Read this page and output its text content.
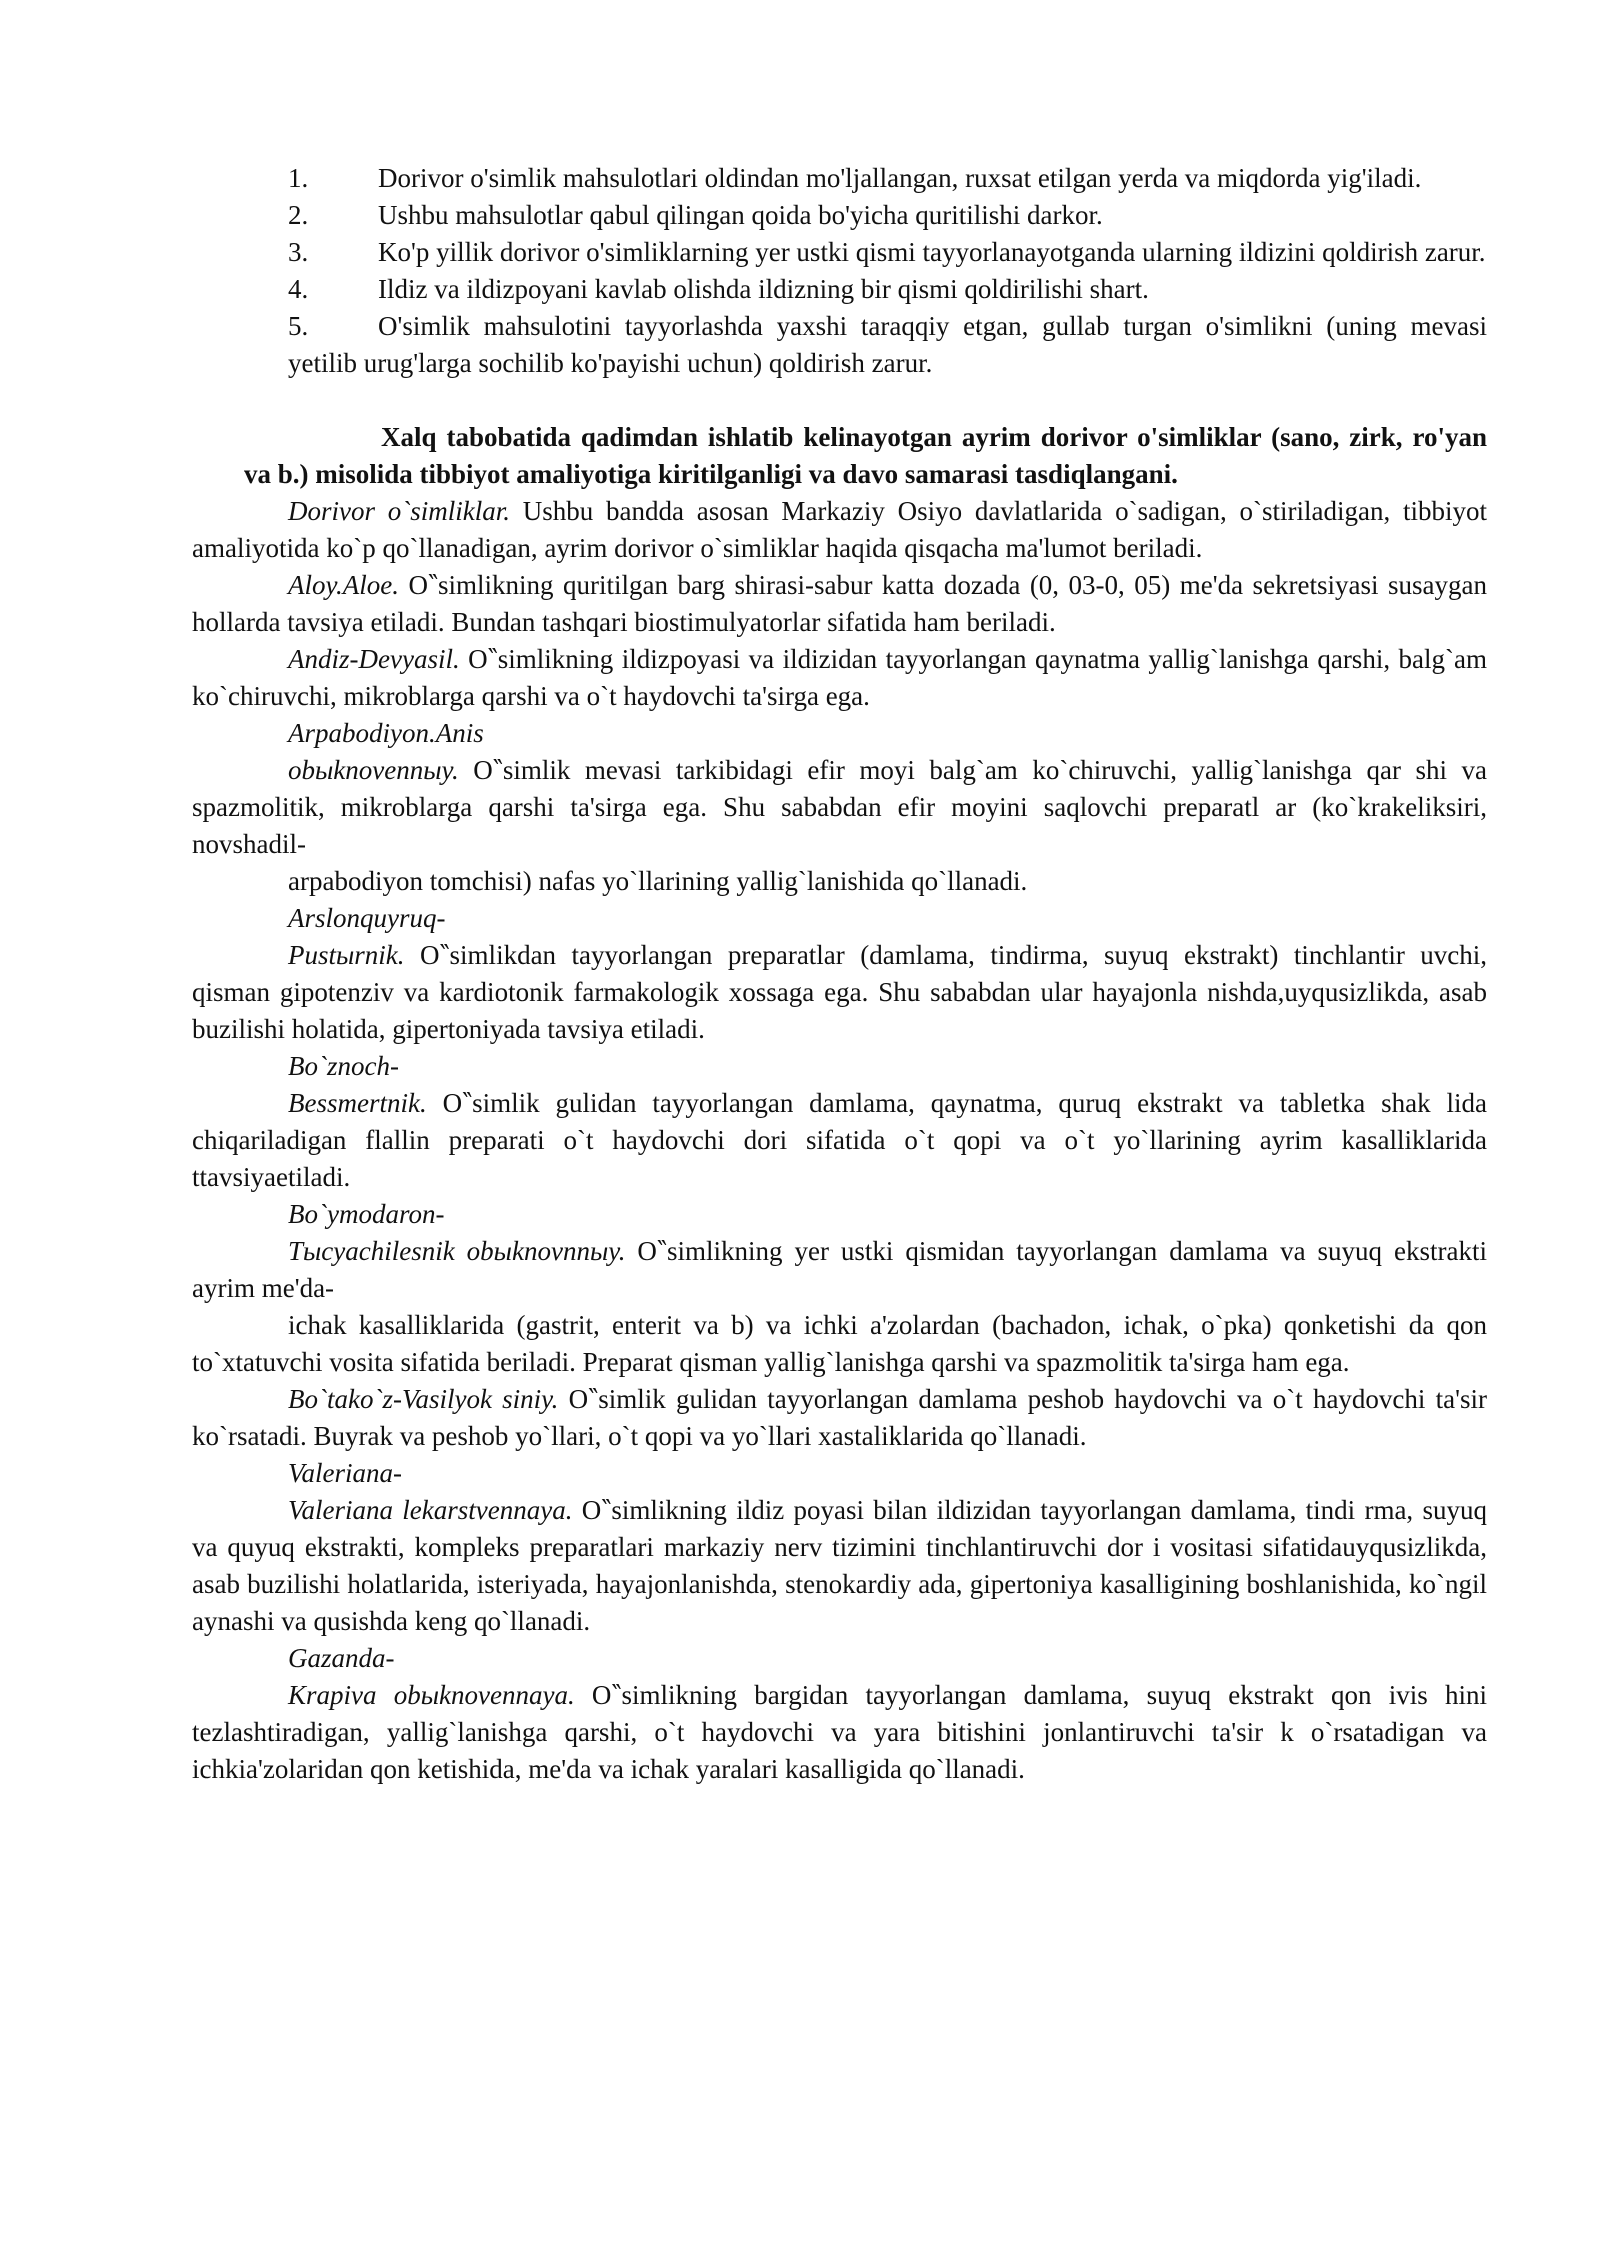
1.	Dorivor o'simlik mahsulotlari oldindan mo'ljallangan, ruxsat etilgan yerda va miqdorda yig'iladi.

2.	Ushbu mahsulotlar qabul qilingan qoida bo'yicha quritilishi darkor.

3.	Ko'p yillik dorivor o'simliklarning yer ustki qismi tayyorlanayotganda ularning ildizini qoldirish zarur.

4.	Ildiz va ildizpoyani kavlab olishda ildizning bir qismi qoldirilishi shart.

5.	O'simlik mahsulotini tayyorlashda yaxshi taraqqiy etgan, gullab turgan o'simlikni (uning mevasi yetilib urug'larga sochilib ko'payishi uchun) qoldirish zarur.

Xalq tabobatida qadimdan ishlatib kelinayotgan ayrim dorivor o'simliklar (sano, zirk, ro'yan va b.) misolida tibbiyot amaliyotiga kiritilganligi va davo samarasi tasdiqlangani.

Dorivor o`simliklar. Ushbu bandda asosan Markaziy Osiyo davlatlarida o`sadigan, o`stiriladigan, tibbiyot amaliyotida ko`p qo`llanadigan, ayrim dorivor o`simliklar haqida qisqacha ma'lumot beriladi.

Aloy.Aloe. O‶simlikning quritilgan barg shirasi-sabur katta dozada (0, 03-0, 05) me'da sekretsiyasi susaygan hollarda tavsiya etiladi. Bundan tashqari biostimulyatorlar sifatida ham beriladi.

Andiz-Devyasil. O‶simlikning ildizpoyasi va ildizidan tayyorlangan qaynatma yallig`lanishga qarshi, balg`am ko`chiruvchi, mikroblarga qarshi va o`t haydovchi ta'sirga ega.

Arpabodiyon.Anis

obыknovennыy. O‶simlik mevasi tarkibidagi efir moyi balg`am ko`chiruvchi, yallig`lanishga qar shi va spazmolitik, mikroblarga qarshi ta'sirga ega. Shu sababdan efir moyini saqlovchi preparatl ar (ko`krakeliksiri, novshadil-

arpabodiyon tomchisi) nafas yo`llarining yallig`lanishida qo`llanadi.

Arslonquyruq-

Pustыrnik. O‶simlikdan tayyorlangan preparatlar (damlama, tindirma, suyuq ekstrakt) tinchlantir uvchi, qisman gipotenziv va kardiotonik farmakologik xossaga ega. Shu sababdan ular hayajonla nishda,uyqusizlikda, asab buzilishi holatida, gipertoniyada tavsiya etiladi.

Bo`znoch-

Bessmertnik. O‶simlik gulidan tayyorlangan damlama, qaynatma, quruq ekstrakt va tabletka shak lida chiqariladigan flallin preparati o`t haydovchi dori sifatida o`t qopi va o`t yo`llarining ayrim kasalliklarida ttavsiyaetiladi.

Bo`ymodaron-

Tысyachilesnik obыknovnnыy. O‶simlikning yer ustki qismidan tayyorlangan damlama va suyuq ekstrakti ayrim me'da-

ichak kasalliklarida (gastrit, enterit va b) va ichki a'zolardan (bachadon, ichak, o`pka) qonketishi da qon to`xtatuvchi vosita sifatida beriladi. Preparat qisman yallig`lanishga qarshi va spazmolitik ta'sirga ham ega.

Bo`tako`z-Vasilyok siniy. O‶simlik gulidan tayyorlangan damlama peshob haydovchi va o`t haydovchi ta'sir ko`rsatadi. Buyrak va peshob yo`llari, o`t qopi va yo`llari xastaliklarida qo`llanadi.

Valeriana-

Valeriana lekarstvennaya. O‶simlikning ildiz poyasi bilan ildizidan tayyorlangan damlama, tindi rma, suyuq va quyuq ekstrakti, kompleks preparatlari markaziy nerv tizimini tinchlantiruvchi dor i vositasi sifatidauyqusizlikda, asab buzilishi holatlarida, isteriyada, hayajonlanishda, stenokardiy ada, gipertoniya kasalligining boshlanishida, ko`ngil aynashi va qusishda keng qo`llanadi.

Gazanda-

Krapiva obыknovennaya. O‶simlikning bargidan tayyorlangan damlama, suyuq ekstrakt qon ivis hini tezlashtiradigan, yallig`lanishga qarshi, o`t haydovchi va yara bitishini jonlantiruvchi ta'sir k o`rsatadigan va ichkia'zolaridan qon ketishida, me'da va ichak yaralari kasalligida qo`llanadi.
